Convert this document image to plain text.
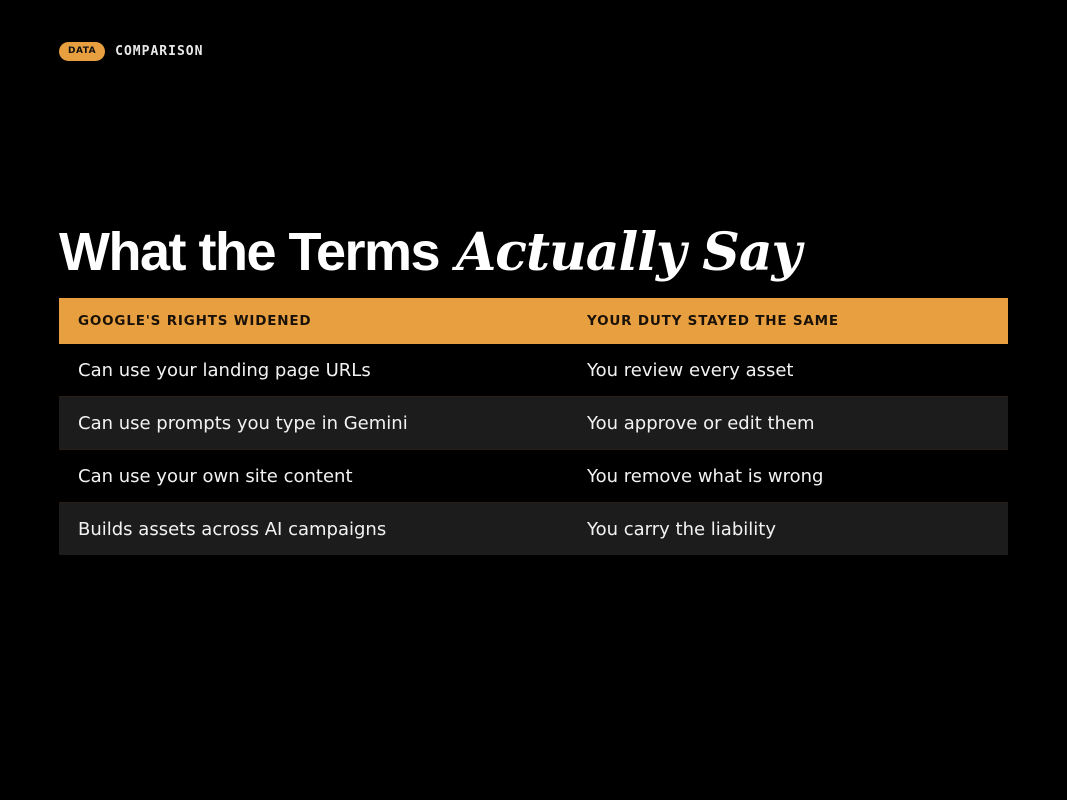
DATA	COMPARISON
What the Terms Actually Say
GOOGLE'S RIGHTS WIDENED	YOUR DUTY STAYED THE SAME
Can use your landing page URLs	You review every asset
Can use prompts you type in Gemini	You approve or edit them
Can use your own site content	You remove what is wrong
Builds assets across AI campaigns	You carry the liability
